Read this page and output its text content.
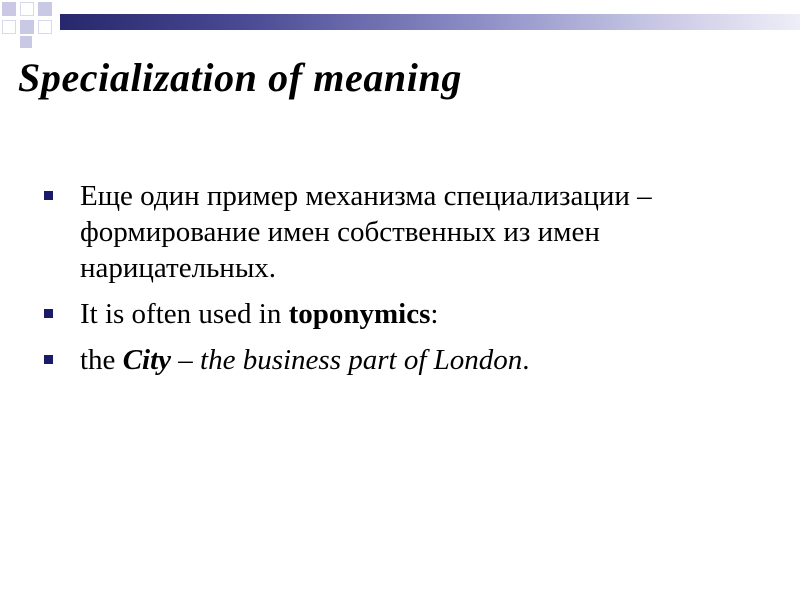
Specialization of meaning
Еще один пример механизма специализации – формирование имен собственных из имен нарицательных.
It is often used in toponymics:
the City – the business part of London.
